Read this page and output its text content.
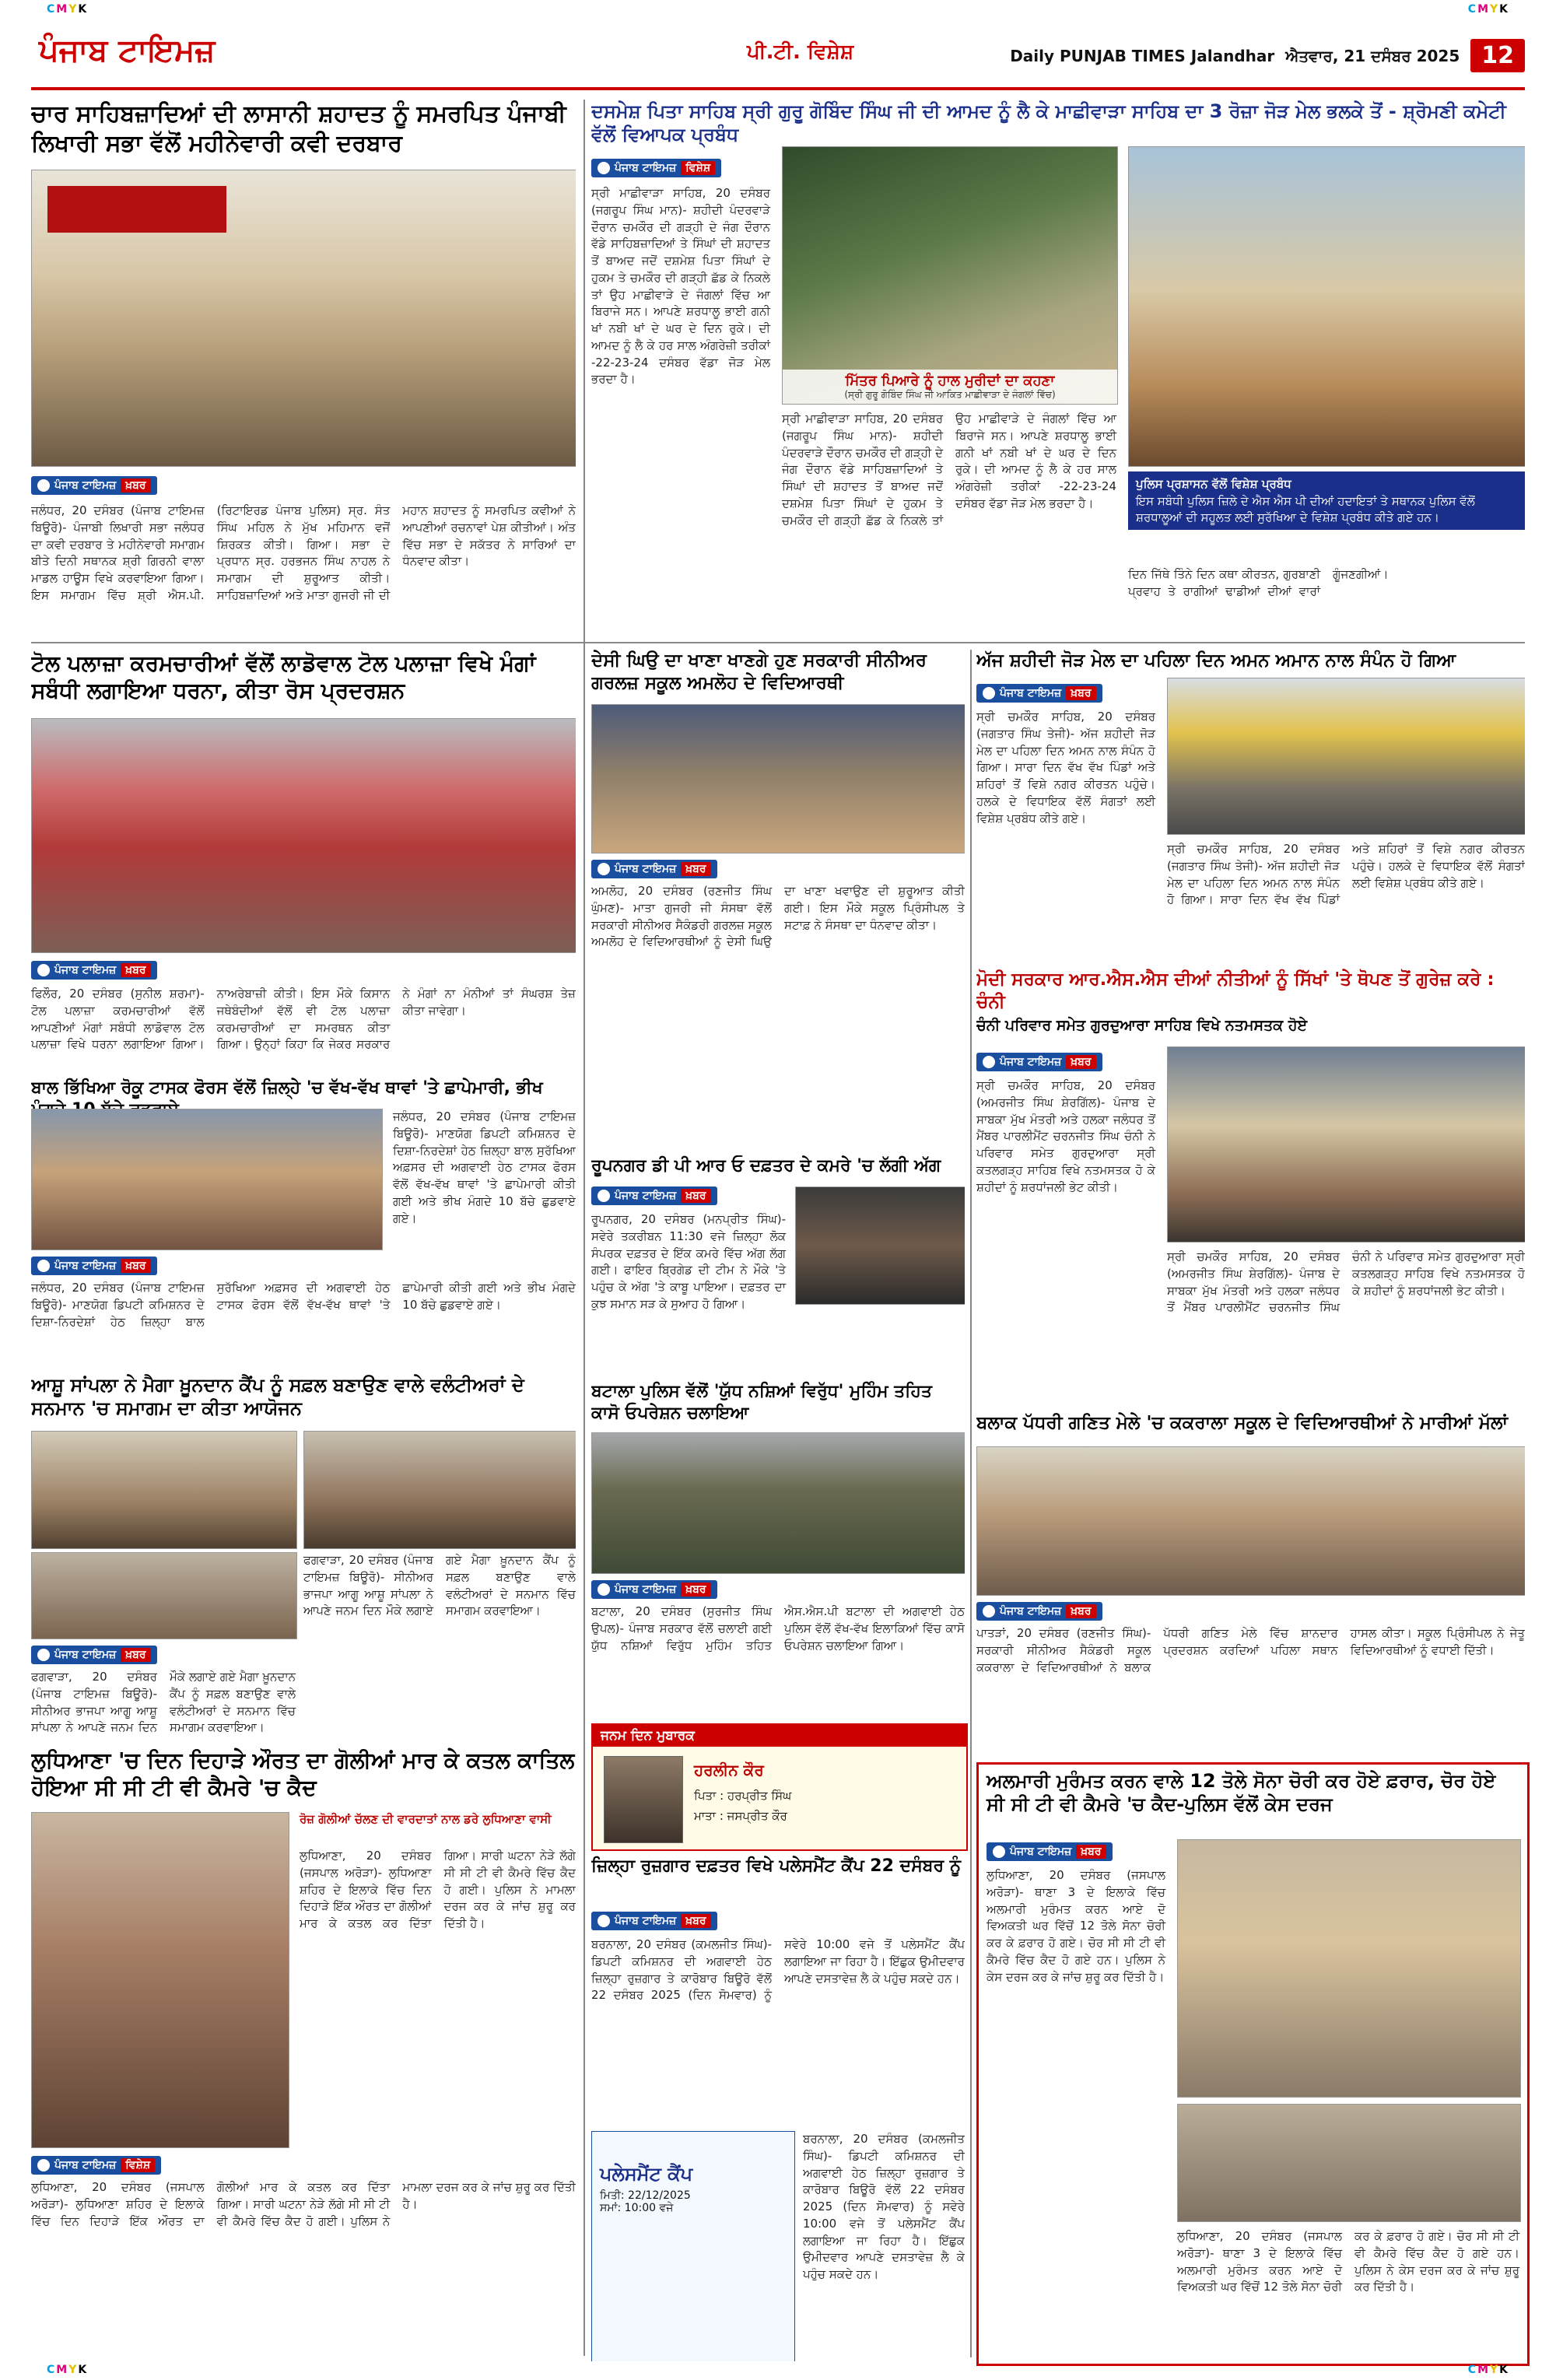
CMYK	CMYK
ਪੰਜਾਬ ਟਾਇਮਜ਼	ਪੀ.ਟੀ. ਵਿਸ਼ੇਸ਼	Daily PUNJAB TIMES Jalandhar ਐਤਵਾਰ, 21 ਦਸੰਬਰ 2025 12
ਚਾਰ ਸਾਹਿਬਜ਼ਾਦਿਆਂ ਦੀ ਲਾਸਾਨੀ ਸ਼ਹਾਦਤ ਨੂੰ ਸਮਰਪਿਤ ਪੰਜਾਬੀ ਲਿਖਾਰੀ ਸਭਾ ਵੱਲੋਂ ਮਹੀਨੇਵਾਰੀ ਕਵੀ ਦਰਬਾਰ
ਪੰਜਾਬ ਟਾਇਮਜ਼ ਖ਼ਬਰ
ਜਲੰਧਰ, 20 ਦਸੰਬਰ (ਪੰਜਾਬ ਟਾਇਮਜ਼ ਬਿਊਰੋ)- ਪੰਜਾਬੀ ਲਿਖਾਰੀ ਸਭਾ ਜਲੰਧਰ ਦਾ ਕਵੀ ਦਰਬਾਰ ਤੇ ਮਹੀਨੇਵਾਰੀ ਸਮਾਗਮ ਬੀਤੇ ਦਿਨੀ ਸਥਾਨਕ ਸ਼੍ਰੀ ਗਿਰਨੀ ਵਾਲਾ ਮਾਡਲ ਹਾਊਸ ਵਿਖੇ ਕਰਵਾਇਆ ਗਿਆ। ਇਸ ਸਮਾਗਮ ਵਿੱਚ ਸ਼੍ਰੀ ਐਸ.ਪੀ. (ਰਿਟਾਇਰਡ ਪੰਜਾਬ ਪੁਲਿਸ) ਸ੍ਰ. ਸੰਤ ਸਿੰਘ ਮਹਿਲ ਨੇ ਮੁੱਖ ਮਹਿਮਾਨ ਵਜੋਂ ਸ਼ਿਰਕਤ ਕੀਤੀ। ਗਿਆ। ਸਭਾ ਦੇ ਪ੍ਰਧਾਨ ਸ੍ਰ. ਹਰਭਜਨ ਸਿੰਘ ਨਾਹਲ ਨੇ ਸਮਾਗਮ ਦੀ ਸ਼ੁਰੂਆਤ ਕੀਤੀ। ਸਾਹਿਬਜ਼ਾਦਿਆਂ ਅਤੇ ਮਾਤਾ ਗੁਜਰੀ ਜੀ ਦੀ ਮਹਾਨ ਸ਼ਹਾਦਤ ਨੂੰ ਸਮਰਪਿਤ ਕਵੀਆਂ ਨੇ ਆਪਣੀਆਂ ਰਚਨਾਵਾਂ ਪੇਸ਼ ਕੀਤੀਆਂ। ਅੰਤ ਵਿੱਚ ਸਭਾ ਦੇ ਸਕੱਤਰ ਨੇ ਸਾਰਿਆਂ ਦਾ ਧੰਨਵਾਦ ਕੀਤਾ।
ਦਸਮੇਸ਼ ਪਿਤਾ ਸਾਹਿਬ ਸ੍ਰੀ ਗੁਰੂ ਗੋਬਿੰਦ ਸਿੰਘ ਜੀ ਦੀ ਆਮਦ ਨੂੰ ਲੈ ਕੇ ਮਾਛੀਵਾੜਾ ਸਾਹਿਬ ਦਾ 3 ਰੋਜ਼ਾ ਜੋੜ ਮੇਲ ਭਲਕੇ ਤੋਂ - ਸ਼੍ਰੋਮਣੀ ਕਮੇਟੀ ਵੱਲੋਂ ਵਿਆਪਕ ਪ੍ਰਬੰਧ
ਪੰਜਾਬ ਟਾਇਮਜ਼ ਵਿਸ਼ੇਸ਼
ਸ੍ਰੀ ਮਾਛੀਵਾੜਾ ਸਾਹਿਬ, 20 ਦਸੰਬਰ (ਜਗਰੂਪ ਸਿੰਘ ਮਾਨ)- ਸ਼ਹੀਦੀ ਪੰਦਰਵਾੜੇ ਦੌਰਾਨ ਚਮਕੌਰ ਦੀ ਗੜ੍ਹੀ ਦੇ ਜੰਗ ਦੌਰਾਨ ਵੱਡੇ ਸਾਹਿਬਜ਼ਾਦਿਆਂ ਤੇ ਸਿੰਘਾਂ ਦੀ ਸ਼ਹਾਦਤ ਤੋਂ ਬਾਅਦ ਜਦੋਂ ਦਸ਼ਮੇਸ਼ ਪਿਤਾ ਸਿੰਘਾਂ ਦੇ ਹੁਕਮ ਤੇ ਚਮਕੌਰ ਦੀ ਗੜ੍ਹੀ ਛੱਡ ਕੇ ਨਿਕਲੇ ਤਾਂ ਉਹ ਮਾਛੀਵਾੜੇ ਦੇ ਜੰਗਲਾਂ ਵਿੱਚ ਆ ਬਿਰਾਜੇ ਸਨ। ਆਪਣੇ ਸ਼ਰਧਾਲੂ ਭਾਈ ਗਨੀ ਖਾਂ ਨਬੀ ਖਾਂ ਦੇ ਘਰ ਦੇ ਦਿਨ ਰੁਕੇ। ਦੀ ਆਮਦ ਨੂੰ ਲੈ ਕੇ ਹਰ ਸਾਲ ਅੰਗਰੇਜ਼ੀ ਤਰੀਕਾਂ -22-23-24 ਦਸੰਬਰ ਵੱਡਾ ਜੋੜ ਮੇਲ ਭਰਦਾ ਹੈ।	ਮਿੱਤਰ ਪਿਆਰੇ ਨੂੰ ਹਾਲ ਮੁਰੀਦਾਂ ਦਾ ਕਹਣਾ
(ਸ੍ਰੀ ਗੁਰੂ ਗੋਬਿੰਦ ਸਿੰਘ ਜੀ ਆਕਿਤ ਮਾਛੀਵਾੜਾ ਦੇ ਜੰਗਲਾਂ ਵਿੱਚ)
ਪੁਲਿਸ ਪ੍ਰਸ਼ਾਸਨ ਵੱਲੋਂ ਵਿਸ਼ੇਸ਼ ਪ੍ਰਬੰਧ
ਇਸ ਸਬੰਧੀ ਪੁਲਿਸ ਜ਼ਿਲੇ ਦੇ ਐਸ ਐਸ ਪੀ ਦੀਆਂ ਹਦਾਇਤਾਂ ਤੇ ਸਥਾਨਕ ਪੁਲਿਸ ਵੱਲੋਂ ਸ਼ਰਧਾਲੂਆਂ ਦੀ ਸਹੂਲਤ ਲਈ ਸੁਰੱਖਿਆ ਦੇ ਵਿਸ਼ੇਸ਼ ਪ੍ਰਬੰਧ ਕੀਤੇ ਗਏ ਹਨ।
ਸ੍ਰੀ ਮਾਛੀਵਾੜਾ ਸਾਹਿਬ, 20 ਦਸੰਬਰ (ਜਗਰੂਪ ਸਿੰਘ ਮਾਨ)- ਸ਼ਹੀਦੀ ਪੰਦਰਵਾੜੇ ਦੌਰਾਨ ਚਮਕੌਰ ਦੀ ਗੜ੍ਹੀ ਦੇ ਜੰਗ ਦੌਰਾਨ ਵੱਡੇ ਸਾਹਿਬਜ਼ਾਦਿਆਂ ਤੇ ਸਿੰਘਾਂ ਦੀ ਸ਼ਹਾਦਤ ਤੋਂ ਬਾਅਦ ਜਦੋਂ ਦਸ਼ਮੇਸ਼ ਪਿਤਾ ਸਿੰਘਾਂ ਦੇ ਹੁਕਮ ਤੇ ਚਮਕੌਰ ਦੀ ਗੜ੍ਹੀ ਛੱਡ ਕੇ ਨਿਕਲੇ ਤਾਂ ਉਹ ਮਾਛੀਵਾੜੇ ਦੇ ਜੰਗਲਾਂ ਵਿੱਚ ਆ ਬਿਰਾਜੇ ਸਨ। ਆਪਣੇ ਸ਼ਰਧਾਲੂ ਭਾਈ ਗਨੀ ਖਾਂ ਨਬੀ ਖਾਂ ਦੇ ਘਰ ਦੇ ਦਿਨ ਰੁਕੇ। ਦੀ ਆਮਦ ਨੂੰ ਲੈ ਕੇ ਹਰ ਸਾਲ ਅੰਗਰੇਜ਼ੀ ਤਰੀਕਾਂ -22-23-24 ਦਸੰਬਰ ਵੱਡਾ ਜੋੜ ਮੇਲ ਭਰਦਾ ਹੈ।
ਦਿਨ ਜਿੱਥੇ ਤਿੰਨੇ ਦਿਨ ਕਥਾ ਕੀਰਤਨ, ਗੁਰਬਾਣੀ ਪ੍ਰਵਾਹ ਤੇ ਰਾਗੀਆਂ ਢਾਡੀਆਂ ਦੀਆਂ ਵਾਰਾਂ ਗੂੰਜਣਗੀਆਂ।
ਟੋਲ ਪਲਾਜ਼ਾ ਕਰਮਚਾਰੀਆਂ ਵੱਲੋਂ ਲਾਡੋਵਾਲ ਟੋਲ ਪਲਾਜ਼ਾ ਵਿਖੇ ਮੰਗਾਂ ਸਬੰਧੀ ਲਗਾਇਆ ਧਰਨਾ, ਕੀਤਾ ਰੋਸ ਪ੍ਰਦਰਸ਼ਨ
ਪੰਜਾਬ ਟਾਇਮਜ਼ ਖ਼ਬਰ
ਫਿਲੌਰ, 20 ਦਸੰਬਰ (ਸੁਨੀਲ ਸ਼ਰਮਾ)- ਟੋਲ ਪਲਾਜ਼ਾ ਕਰਮਚਾਰੀਆਂ ਵੱਲੋਂ ਆਪਣੀਆਂ ਮੰਗਾਂ ਸਬੰਧੀ ਲਾਡੋਵਾਲ ਟੋਲ ਪਲਾਜ਼ਾ ਵਿਖੇ ਧਰਨਾ ਲਗਾਇਆ ਗਿਆ। ਨਾਅਰੇਬਾਜ਼ੀ ਕੀਤੀ। ਇਸ ਮੌਕੇ ਕਿਸਾਨ ਜਥੇਬੰਦੀਆਂ ਵੱਲੋਂ ਵੀ ਟੋਲ ਪਲਾਜ਼ਾ ਕਰਮਚਾਰੀਆਂ ਦਾ ਸਮਰਥਨ ਕੀਤਾ ਗਿਆ। ਉਨ੍ਹਾਂ ਕਿਹਾ ਕਿ ਜੇਕਰ ਸਰਕਾਰ ਨੇ ਮੰਗਾਂ ਨਾ ਮੰਨੀਆਂ ਤਾਂ ਸੰਘਰਸ਼ ਤੇਜ਼ ਕੀਤਾ ਜਾਵੇਗਾ।
ਦੇਸੀ ਘਿਉ ਦਾ ਖਾਣਾ ਖਾਣਗੇ ਹੁਣ ਸਰਕਾਰੀ ਸੀਨੀਅਰ ਗਰਲਜ਼ ਸਕੂਲ ਅਮਲੋਹ ਦੇ ਵਿਦਿਆਰਥੀ
ਪੰਜਾਬ ਟਾਇਮਜ਼ ਖ਼ਬਰ
ਅਮਲੋਹ, 20 ਦਸੰਬਰ (ਰਣਜੀਤ ਸਿੰਘ ਘੁੰਮਣ)- ਮਾਤਾ ਗੁਜਰੀ ਜੀ ਸੰਸਥਾ ਵੱਲੋਂ ਸਰਕਾਰੀ ਸੀਨੀਅਰ ਸੈਕੰਡਰੀ ਗਰਲਜ਼ ਸਕੂਲ ਅਮਲੋਹ ਦੇ ਵਿਦਿਆਰਥੀਆਂ ਨੂੰ ਦੇਸੀ ਘਿਉ ਦਾ ਖਾਣਾ ਖਵਾਉਣ ਦੀ ਸ਼ੁਰੂਆਤ ਕੀਤੀ ਗਈ। ਇਸ ਮੌਕੇ ਸਕੂਲ ਪ੍ਰਿੰਸੀਪਲ ਤੇ ਸਟਾਫ਼ ਨੇ ਸੰਸਥਾ ਦਾ ਧੰਨਵਾਦ ਕੀਤਾ।
ਅੱਜ ਸ਼ਹੀਦੀ ਜੋੜ ਮੇਲ ਦਾ ਪਹਿਲਾ ਦਿਨ ਅਮਨ ਅਮਾਨ ਨਾਲ ਸੰਪੰਨ ਹੋ ਗਿਆ
ਪੰਜਾਬ ਟਾਇਮਜ਼ ਖ਼ਬਰ
ਸ੍ਰੀ ਚਮਕੌਰ ਸਾਹਿਬ, 20 ਦਸੰਬਰ (ਜਗਤਾਰ ਸਿੰਘ ਤੇਜੀ)- ਅੱਜ ਸ਼ਹੀਦੀ ਜੋੜ ਮੇਲ ਦਾ ਪਹਿਲਾ ਦਿਨ ਅਮਨ ਨਾਲ ਸੰਪੰਨ ਹੋ ਗਿਆ। ਸਾਰਾ ਦਿਨ ਵੱਖ ਵੱਖ ਪਿੰਡਾਂ ਅਤੇ ਸ਼ਹਿਰਾਂ ਤੋਂ ਵਿਸ਼ੇ ਨਗਰ ਕੀਰਤਨ ਪਹੁੰਚੇ। ਹਲਕੇ ਦੇ ਵਿਧਾਇਕ ਵੱਲੋਂ ਸੰਗਤਾਂ ਲਈ ਵਿਸ਼ੇਸ਼ ਪ੍ਰਬੰਧ ਕੀਤੇ ਗਏ।
ਸ੍ਰੀ ਚਮਕੌਰ ਸਾਹਿਬ, 20 ਦਸੰਬਰ (ਜਗਤਾਰ ਸਿੰਘ ਤੇਜੀ)- ਅੱਜ ਸ਼ਹੀਦੀ ਜੋੜ ਮੇਲ ਦਾ ਪਹਿਲਾ ਦਿਨ ਅਮਨ ਨਾਲ ਸੰਪੰਨ ਹੋ ਗਿਆ। ਸਾਰਾ ਦਿਨ ਵੱਖ ਵੱਖ ਪਿੰਡਾਂ ਅਤੇ ਸ਼ਹਿਰਾਂ ਤੋਂ ਵਿਸ਼ੇ ਨਗਰ ਕੀਰਤਨ ਪਹੁੰਚੇ। ਹਲਕੇ ਦੇ ਵਿਧਾਇਕ ਵੱਲੋਂ ਸੰਗਤਾਂ ਲਈ ਵਿਸ਼ੇਸ਼ ਪ੍ਰਬੰਧ ਕੀਤੇ ਗਏ।
ਮੋਦੀ ਸਰਕਾਰ ਆਰ.ਐਸ.ਐਸ ਦੀਆਂ ਨੀਤੀਆਂ ਨੂੰ ਸਿੱਖਾਂ 'ਤੇ ਥੋਪਣ ਤੋਂ ਗੁਰੇਜ਼ ਕਰੇ : ਚੰਨੀ
ਚੰਨੀ ਪਰਿਵਾਰ ਸਮੇਤ ਗੁਰਦੁਆਰਾ ਸਾਹਿਬ ਵਿਖੇ ਨਤਮਸਤਕ ਹੋਏ
ਪੰਜਾਬ ਟਾਇਮਜ਼ ਖ਼ਬਰ
ਸ੍ਰੀ ਚਮਕੌਰ ਸਾਹਿਬ, 20 ਦਸੰਬਰ (ਅਮਰਜੀਤ ਸਿੰਘ ਸ਼ੇਰਗਿੱਲ)- ਪੰਜਾਬ ਦੇ ਸਾਬਕਾ ਮੁੱਖ ਮੰਤਰੀ ਅਤੇ ਹਲਕਾ ਜਲੰਧਰ ਤੋਂ ਮੈਂਬਰ ਪਾਰਲੀਮੈਂਟ ਚਰਨਜੀਤ ਸਿੰਘ ਚੰਨੀ ਨੇ ਪਰਿਵਾਰ ਸਮੇਤ ਗੁਰਦੁਆਰਾ ਸ੍ਰੀ ਕਤਲਗੜ੍ਹ ਸਾਹਿਬ ਵਿਖੇ ਨਤਮਸਤਕ ਹੋ ਕੇ ਸ਼ਹੀਦਾਂ ਨੂੰ ਸ਼ਰਧਾਂਜਲੀ ਭੇਟ ਕੀਤੀ।
ਸ੍ਰੀ ਚਮਕੌਰ ਸਾਹਿਬ, 20 ਦਸੰਬਰ (ਅਮਰਜੀਤ ਸਿੰਘ ਸ਼ੇਰਗਿੱਲ)- ਪੰਜਾਬ ਦੇ ਸਾਬਕਾ ਮੁੱਖ ਮੰਤਰੀ ਅਤੇ ਹਲਕਾ ਜਲੰਧਰ ਤੋਂ ਮੈਂਬਰ ਪਾਰਲੀਮੈਂਟ ਚਰਨਜੀਤ ਸਿੰਘ ਚੰਨੀ ਨੇ ਪਰਿਵਾਰ ਸਮੇਤ ਗੁਰਦੁਆਰਾ ਸ੍ਰੀ ਕਤਲਗੜ੍ਹ ਸਾਹਿਬ ਵਿਖੇ ਨਤਮਸਤਕ ਹੋ ਕੇ ਸ਼ਹੀਦਾਂ ਨੂੰ ਸ਼ਰਧਾਂਜਲੀ ਭੇਟ ਕੀਤੀ।
ਬਾਲ ਭਿੱਖਿਆ ਰੋਕੂ ਟਾਸਕ ਫੋਰਸ ਵੱਲੋਂ ਜ਼ਿਲ੍ਹੇ 'ਚ ਵੱਖ-ਵੱਖ ਥਾਵਾਂ 'ਤੇ ਛਾਪੇਮਾਰੀ, ਭੀਖ
ਜਲੰਧਰ, 20 ਦਸੰਬਰ (ਪੰਜਾਬ ਟਾਇਮਜ਼ ਬਿਊਰੋ)- ਮਾਣਯੋਗ ਡਿਪਟੀ ਕਮਿਸ਼ਨਰ ਦੇ ਦਿਸ਼ਾ-ਨਿਰਦੇਸ਼ਾਂ ਹੇਠ ਜ਼ਿਲ੍ਹਾ ਬਾਲ ਸੁਰੱਖਿਆ ਅਫ਼ਸਰ ਦੀ ਅਗਵਾਈ ਹੇਠ ਟਾਸਕ ਫੋਰਸ ਵੱਲੋਂ ਵੱਖ-ਵੱਖ ਥਾਵਾਂ 'ਤੇ ਛਾਪੇਮਾਰੀ ਕੀਤੀ ਗਈ ਅਤੇ ਭੀਖ ਮੰਗਦੇ 10 ਬੱਚੇ ਛੁਡਵਾਏ ਗਏ।
ਪੰਜਾਬ ਟਾਇਮਜ਼ ਖ਼ਬਰ
ਜਲੰਧਰ, 20 ਦਸੰਬਰ (ਪੰਜਾਬ ਟਾਇਮਜ਼ ਬਿਊਰੋ)- ਮਾਣਯੋਗ ਡਿਪਟੀ ਕਮਿਸ਼ਨਰ ਦੇ ਦਿਸ਼ਾ-ਨਿਰਦੇਸ਼ਾਂ ਹੇਠ ਜ਼ਿਲ੍ਹਾ ਬਾਲ ਸੁਰੱਖਿਆ ਅਫ਼ਸਰ ਦੀ ਅਗਵਾਈ ਹੇਠ ਟਾਸਕ ਫੋਰਸ ਵੱਲੋਂ ਵੱਖ-ਵੱਖ ਥਾਵਾਂ 'ਤੇ ਛਾਪੇਮਾਰੀ ਕੀਤੀ ਗਈ ਅਤੇ ਭੀਖ ਮੰਗਦੇ 10 ਬੱਚੇ ਛੁਡਵਾਏ ਗਏ।
ਰੂਪਨਗਰ ਡੀ ਪੀ ਆਰ ਓ ਦਫ਼ਤਰ ਦੇ ਕਮਰੇ 'ਚ ਲੱਗੀ ਅੱਗ
ਪੰਜਾਬ ਟਾਇਮਜ਼ ਖ਼ਬਰ
ਰੂਪਨਗਰ, 20 ਦਸੰਬਰ (ਮਨਪ੍ਰੀਤ ਸਿੰਘ)- ਸਵੇਰੇ ਤਕਰੀਬਨ 11:30 ਵਜੇ ਜ਼ਿਲ੍ਹਾ ਲੋਕ ਸੰਪਰਕ ਦਫ਼ਤਰ ਦੇ ਇੱਕ ਕਮਰੇ ਵਿੱਚ ਅੱਗ ਲੱਗ ਗਈ। ਫਾਇਰ ਬ੍ਰਿਗੇਡ ਦੀ ਟੀਮ ਨੇ ਮੌਕੇ 'ਤੇ ਪਹੁੰਚ ਕੇ ਅੱਗ 'ਤੇ ਕਾਬੂ ਪਾਇਆ। ਦਫ਼ਤਰ ਦਾ ਕੁਝ ਸਮਾਨ ਸੜ ਕੇ ਸੁਆਹ ਹੋ ਗਿਆ।
ਬਟਾਲਾ ਪੁਲਿਸ ਵੱਲੋਂ 'ਯੁੱਧ ਨਸ਼ਿਆਂ ਵਿਰੁੱਧ' ਮੁਹਿੰਮ ਤਹਿਤ ਕਾਸੋ ਓਪਰੇਸ਼ਨ ਚਲਾਇਆ
ਪੰਜਾਬ ਟਾਇਮਜ਼ ਖ਼ਬਰ
ਬਟਾਲਾ, 20 ਦਸੰਬਰ (ਸੁਰਜੀਤ ਸਿੰਘ ਉਪਲ)- ਪੰਜਾਬ ਸਰਕਾਰ ਵੱਲੋਂ ਚਲਾਈ ਗਈ ਯੁੱਧ ਨਸ਼ਿਆਂ ਵਿਰੁੱਧ ਮੁਹਿੰਮ ਤਹਿਤ ਐਸ.ਐਸ.ਪੀ ਬਟਾਲਾ ਦੀ ਅਗਵਾਈ ਹੇਠ ਪੁਲਿਸ ਵੱਲੋਂ ਵੱਖ-ਵੱਖ ਇਲਾਕਿਆਂ ਵਿੱਚ ਕਾਸੋ ਓਪਰੇਸ਼ਨ ਚਲਾਇਆ ਗਿਆ।
ਆਸ਼ੂ ਸਾਂਪਲਾ ਨੇ ਮੈਗਾ ਖ਼ੂਨਦਾਨ ਕੈਂਪ ਨੂੰ ਸਫ਼ਲ ਬਣਾਉਣ ਵਾਲੇ ਵਲੰਟੀਅਰਾਂ ਦੇ ਸਨਮਾਨ 'ਚ ਸਮਾਗਮ ਦਾ ਕੀਤਾ ਆਯੋਜਨ
ਫਗਵਾੜਾ, 20 ਦਸੰਬਰ (ਪੰਜਾਬ ਟਾਇਮਜ਼ ਬਿਊਰੋ)- ਸੀਨੀਅਰ ਭਾਜਪਾ ਆਗੂ ਆਸ਼ੂ ਸਾਂਪਲਾ ਨੇ ਆਪਣੇ ਜਨਮ ਦਿਨ ਮੌਕੇ ਲਗਾਏ ਗਏ ਮੈਗਾ ਖ਼ੂਨਦਾਨ ਕੈਂਪ ਨੂੰ ਸਫ਼ਲ ਬਣਾਉਣ ਵਾਲੇ ਵਲੰਟੀਅਰਾਂ ਦੇ ਸਨਮਾਨ ਵਿੱਚ ਸਮਾਗਮ ਕਰਵਾਇਆ।
ਪੰਜਾਬ ਟਾਇਮਜ਼ ਖ਼ਬਰ
ਫਗਵਾੜਾ, 20 ਦਸੰਬਰ (ਪੰਜਾਬ ਟਾਇਮਜ਼ ਬਿਊਰੋ)- ਸੀਨੀਅਰ ਭਾਜਪਾ ਆਗੂ ਆਸ਼ੂ ਸਾਂਪਲਾ ਨੇ ਆਪਣੇ ਜਨਮ ਦਿਨ ਮੌਕੇ ਲਗਾਏ ਗਏ ਮੈਗਾ ਖ਼ੂਨਦਾਨ ਕੈਂਪ ਨੂੰ ਸਫ਼ਲ ਬਣਾਉਣ ਵਾਲੇ ਵਲੰਟੀਅਰਾਂ ਦੇ ਸਨਮਾਨ ਵਿੱਚ ਸਮਾਗਮ ਕਰਵਾਇਆ।
ਬਲਾਕ ਪੱਧਰੀ ਗਣਿਤ ਮੇਲੇ 'ਚ ਕਕਰਾਲਾ ਸਕੂਲ ਦੇ ਵਿਦਿਆਰਥੀਆਂ ਨੇ ਮਾਰੀਆਂ ਮੱਲਾਂ
ਪੰਜਾਬ ਟਾਇਮਜ਼ ਖ਼ਬਰ
ਪਾਤੜਾਂ, 20 ਦਸੰਬਰ (ਰਣਜੀਤ ਸਿੰਘ)- ਸਰਕਾਰੀ ਸੀਨੀਅਰ ਸੈਕੰਡਰੀ ਸਕੂਲ ਕਕਰਾਲਾ ਦੇ ਵਿਦਿਆਰਥੀਆਂ ਨੇ ਬਲਾਕ ਪੱਧਰੀ ਗਣਿਤ ਮੇਲੇ ਵਿੱਚ ਸ਼ਾਨਦਾਰ ਪ੍ਰਦਰਸ਼ਨ ਕਰਦਿਆਂ ਪਹਿਲਾ ਸਥਾਨ ਹਾਸਲ ਕੀਤਾ। ਸਕੂਲ ਪ੍ਰਿੰਸੀਪਲ ਨੇ ਜੇਤੂ ਵਿਦਿਆਰਥੀਆਂ ਨੂੰ ਵਧਾਈ ਦਿੱਤੀ।
ਜਨਮ ਦਿਨ ਮੁਬਾਰਕ
ਹਰਲੀਨ ਕੌਰ
ਪਿਤਾ : ਹਰਪ੍ਰੀਤ ਸਿੰਘ
ਮਾਤਾ : ਜਸਪ੍ਰੀਤ ਕੌਰ
ਲੁਧਿਆਣਾ 'ਚ ਦਿਨ ਦਿਹਾੜੇ ਔਰਤ ਦਾ ਗੋਲੀਆਂ ਮਾਰ ਕੇ ਕਤਲ ਕਾਤਿਲ ਹੋਇਆ ਸੀ ਸੀ ਟੀ ਵੀ ਕੈਮਰੇ 'ਚ ਕੈਦ
ਰੋਜ਼ ਗੋਲੀਆਂ ਚੱਲਣ ਦੀ ਵਾਰਦਾਤਾਂ ਨਾਲ ਡਰੇ ਲੁਧਿਆਣਾ ਵਾਸੀ
ਲੁਧਿਆਣਾ, 20 ਦਸੰਬਰ (ਜਸਪਾਲ ਅਰੋੜਾ)- ਲੁਧਿਆਣਾ ਸ਼ਹਿਰ ਦੇ ਇਲਾਕੇ ਵਿੱਚ ਦਿਨ ਦਿਹਾੜੇ ਇੱਕ ਔਰਤ ਦਾ ਗੋਲੀਆਂ ਮਾਰ ਕੇ ਕਤਲ ਕਰ ਦਿੱਤਾ ਗਿਆ। ਸਾਰੀ ਘਟਨਾ ਨੇੜੇ ਲੱਗੇ ਸੀ ਸੀ ਟੀ ਵੀ ਕੈਮਰੇ ਵਿੱਚ ਕੈਦ ਹੋ ਗਈ। ਪੁਲਿਸ ਨੇ ਮਾਮਲਾ ਦਰਜ ਕਰ ਕੇ ਜਾਂਚ ਸ਼ੁਰੂ ਕਰ ਦਿੱਤੀ ਹੈ।
ਪੰਜਾਬ ਟਾਇਮਜ਼ ਵਿਸ਼ੇਸ਼
ਲੁਧਿਆਣਾ, 20 ਦਸੰਬਰ (ਜਸਪਾਲ ਅਰੋੜਾ)- ਲੁਧਿਆਣਾ ਸ਼ਹਿਰ ਦੇ ਇਲਾਕੇ ਵਿੱਚ ਦਿਨ ਦਿਹਾੜੇ ਇੱਕ ਔਰਤ ਦਾ ਗੋਲੀਆਂ ਮਾਰ ਕੇ ਕਤਲ ਕਰ ਦਿੱਤਾ ਗਿਆ। ਸਾਰੀ ਘਟਨਾ ਨੇੜੇ ਲੱਗੇ ਸੀ ਸੀ ਟੀ ਵੀ ਕੈਮਰੇ ਵਿੱਚ ਕੈਦ ਹੋ ਗਈ। ਪੁਲਿਸ ਨੇ ਮਾਮਲਾ ਦਰਜ ਕਰ ਕੇ ਜਾਂਚ ਸ਼ੁਰੂ ਕਰ ਦਿੱਤੀ ਹੈ।
ਜ਼ਿਲ੍ਹਾ ਰੁਜ਼ਗਾਰ ਦਫ਼ਤਰ ਵਿਖੇ ਪਲੇਸਮੈਂਟ ਕੈਂਪ 22 ਦਸੰਬਰ ਨੂੰ
ਪੰਜਾਬ ਟਾਇਮਜ਼ ਖ਼ਬਰ
ਬਰਨਾਲਾ, 20 ਦਸੰਬਰ (ਕਮਲਜੀਤ ਸਿੰਘ)- ਡਿਪਟੀ ਕਮਿਸ਼ਨਰ ਦੀ ਅਗਵਾਈ ਹੇਠ ਜ਼ਿਲ੍ਹਾ ਰੁਜ਼ਗਾਰ ਤੇ ਕਾਰੋਬਾਰ ਬਿਊਰੋ ਵੱਲੋਂ 22 ਦਸੰਬਰ 2025 (ਦਿਨ ਸੋਮਵਾਰ) ਨੂੰ ਸਵੇਰੇ 10:00 ਵਜੇ ਤੋਂ ਪਲੇਸਮੈਂਟ ਕੈਂਪ ਲਗਾਇਆ ਜਾ ਰਿਹਾ ਹੈ। ਇੱਛੁਕ ਉਮੀਦਵਾਰ ਆਪਣੇ ਦਸਤਾਵੇਜ਼ ਲੈ ਕੇ ਪਹੁੰਚ ਸਕਦੇ ਹਨ।
ਪਲੇਸਮੈਂਟ ਕੈਂਪ
ਮਿਤੀ: 22/12/2025
ਸਮਾਂ: 10:00 ਵਜੇ
ਬਰਨਾਲਾ, 20 ਦਸੰਬਰ (ਕਮਲਜੀਤ ਸਿੰਘ)- ਡਿਪਟੀ ਕਮਿਸ਼ਨਰ ਦੀ ਅਗਵਾਈ ਹੇਠ ਜ਼ਿਲ੍ਹਾ ਰੁਜ਼ਗਾਰ ਤੇ ਕਾਰੋਬਾਰ ਬਿਊਰੋ ਵੱਲੋਂ 22 ਦਸੰਬਰ 2025 (ਦਿਨ ਸੋਮਵਾਰ) ਨੂੰ ਸਵੇਰੇ 10:00 ਵਜੇ ਤੋਂ ਪਲੇਸਮੈਂਟ ਕੈਂਪ ਲਗਾਇਆ ਜਾ ਰਿਹਾ ਹੈ। ਇੱਛੁਕ ਉਮੀਦਵਾਰ ਆਪਣੇ ਦਸਤਾਵੇਜ਼ ਲੈ ਕੇ ਪਹੁੰਚ ਸਕਦੇ ਹਨ।
ਅਲਮਾਰੀ ਮੁਰੰਮਤ ਕਰਨ ਵਾਲੇ 12 ਤੋਲੇ ਸੋਨਾ ਚੋਰੀ ਕਰ ਹੋਏ ਫ਼ਰਾਰ, ਚੋਰ ਹੋਏ ਸੀ ਸੀ ਟੀ ਵੀ ਕੈਮਰੇ 'ਚ ਕੈਦ-ਪੁਲਿਸ ਵੱਲੋਂ ਕੇਸ ਦਰਜ
ਪੰਜਾਬ ਟਾਇਮਜ਼ ਖ਼ਬਰ
ਲੁਧਿਆਣਾ, 20 ਦਸੰਬਰ (ਜਸਪਾਲ ਅਰੋੜਾ)- ਥਾਣਾ 3 ਦੇ ਇਲਾਕੇ ਵਿੱਚ ਅਲਮਾਰੀ ਮੁਰੰਮਤ ਕਰਨ ਆਏ ਦੋ ਵਿਅਕਤੀ ਘਰ ਵਿੱਚੋਂ 12 ਤੋਲੇ ਸੋਨਾ ਚੋਰੀ ਕਰ ਕੇ ਫ਼ਰਾਰ ਹੋ ਗਏ। ਚੋਰ ਸੀ ਸੀ ਟੀ ਵੀ ਕੈਮਰੇ ਵਿੱਚ ਕੈਦ ਹੋ ਗਏ ਹਨ। ਪੁਲਿਸ ਨੇ ਕੇਸ ਦਰਜ ਕਰ ਕੇ ਜਾਂਚ ਸ਼ੁਰੂ ਕਰ ਦਿੱਤੀ ਹੈ।
ਲੁਧਿਆਣਾ, 20 ਦਸੰਬਰ (ਜਸਪਾਲ ਅਰੋੜਾ)- ਥਾਣਾ 3 ਦੇ ਇਲਾਕੇ ਵਿੱਚ ਅਲਮਾਰੀ ਮੁਰੰਮਤ ਕਰਨ ਆਏ ਦੋ ਵਿਅਕਤੀ ਘਰ ਵਿੱਚੋਂ 12 ਤੋਲੇ ਸੋਨਾ ਚੋਰੀ ਕਰ ਕੇ ਫ਼ਰਾਰ ਹੋ ਗਏ। ਚੋਰ ਸੀ ਸੀ ਟੀ ਵੀ ਕੈਮਰੇ ਵਿੱਚ ਕੈਦ ਹੋ ਗਏ ਹਨ। ਪੁਲਿਸ ਨੇ ਕੇਸ ਦਰਜ ਕਰ ਕੇ ਜਾਂਚ ਸ਼ੁਰੂ ਕਰ ਦਿੱਤੀ ਹੈ।
CMYK	CMYK
